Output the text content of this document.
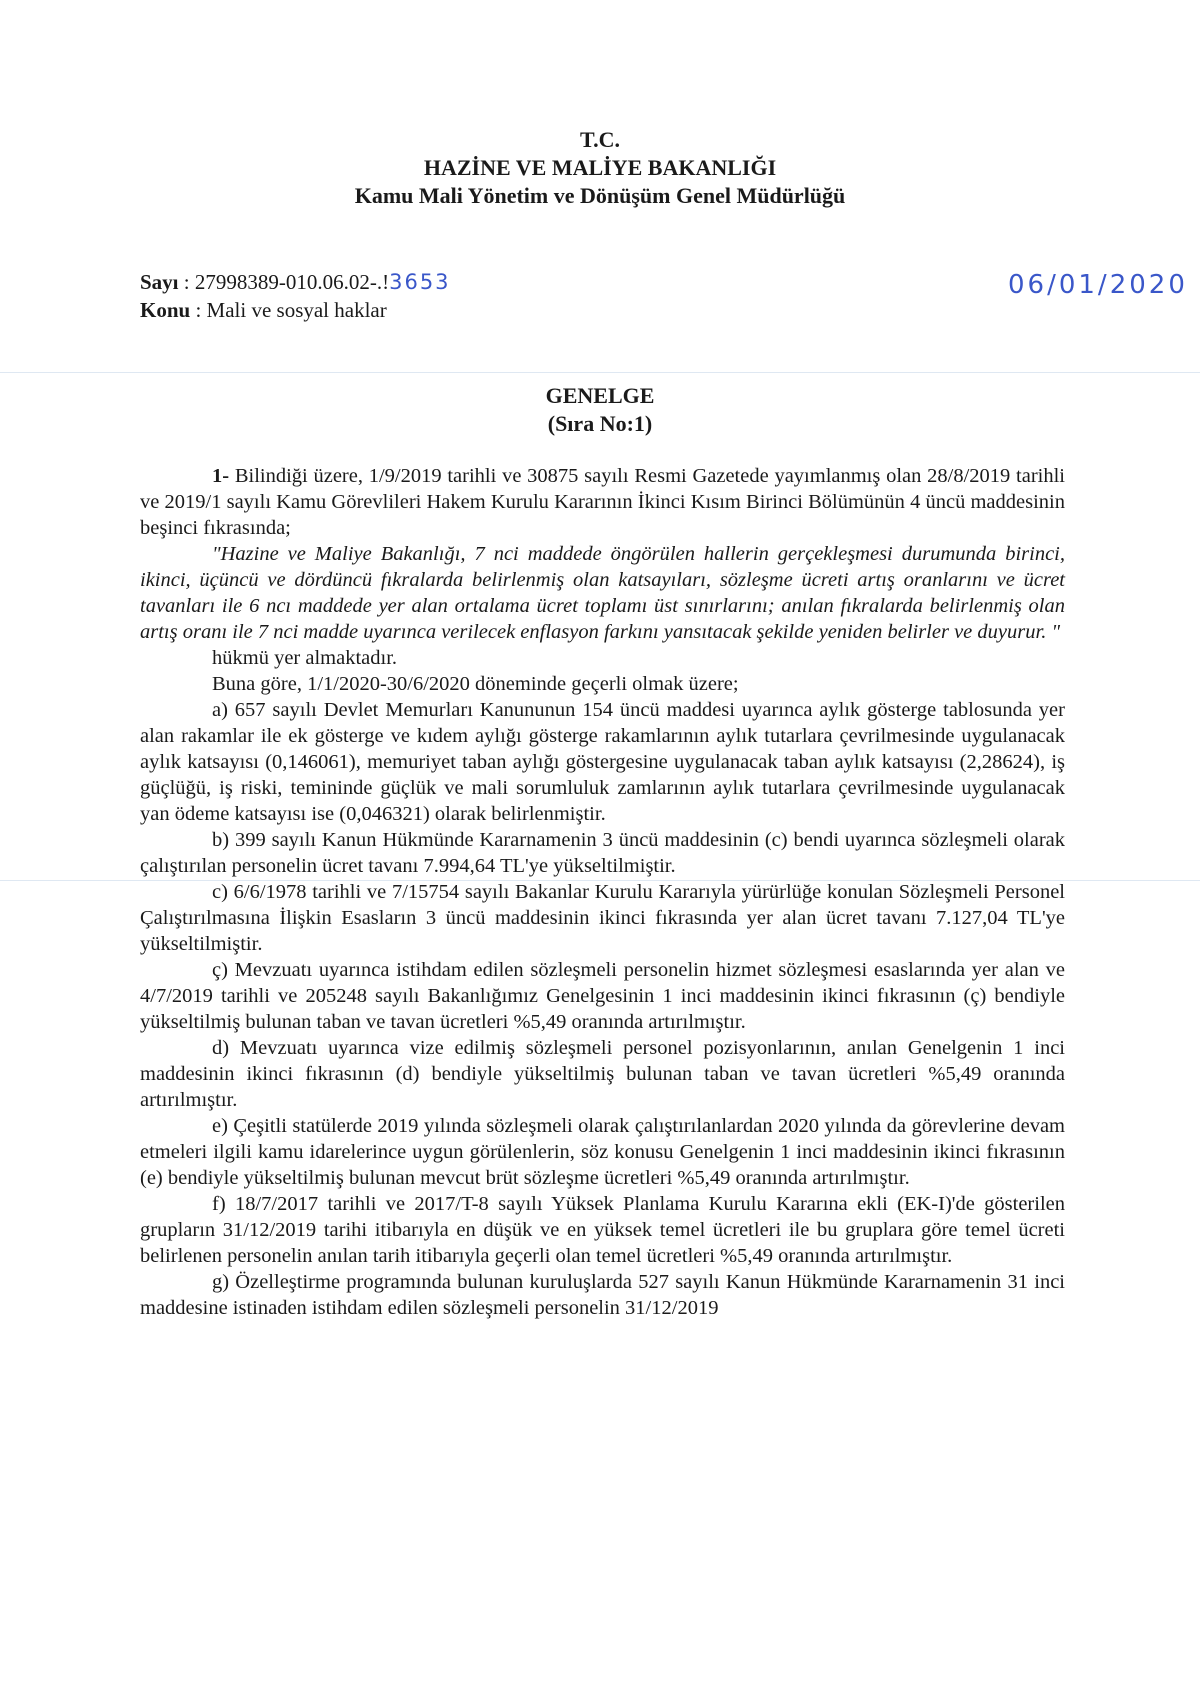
T.C.
HAZİNE VE MALİYE BAKANLIĞI
Kamu Mali Yönetim ve Dönüşüm Genel Müdürlüğü
Sayı : 27998389-010.06.02-.!3653
Konu : Mali ve sosyal haklar
06/01/2020
GENELGE
(Sıra No:1)

1- Bilindiği üzere, 1/9/2019 tarihli ve 30875 sayılı Resmi Gazetede yayımlanmış olan 28/8/2019 tarihli ve 2019/1 sayılı Kamu Görevlileri Hakem Kurulu Kararının İkinci Kısım Birinci Bölümünün 4 üncü maddesinin beşinci fıkrasında;

"Hazine ve Maliye Bakanlığı, 7 nci maddede öngörülen hallerin gerçekleşmesi durumunda birinci, ikinci, üçüncü ve dördüncü fıkralarda belirlenmiş olan katsayıları, sözleşme ücreti artış oranlarını ve ücret tavanları ile 6 ncı maddede yer alan ortalama ücret toplamı üst sınırlarını; anılan fıkralarda belirlenmiş olan artış oranı ile 7 nci madde uyarınca verilecek enflasyon farkını yansıtacak şekilde yeniden belirler ve duyurur. "

hükmü yer almaktadır.

Buna göre, 1/1/2020-30/6/2020 döneminde geçerli olmak üzere;

a) 657 sayılı Devlet Memurları Kanununun 154 üncü maddesi uyarınca aylık gösterge tablosunda yer alan rakamlar ile ek gösterge ve kıdem aylığı gösterge rakamlarının aylık tutarlara çevrilmesinde uygulanacak aylık katsayısı (0,146061), memuriyet taban aylığı göstergesine uygulanacak taban aylık katsayısı (2,28624), iş güçlüğü, iş riski, temininde güçlük ve mali sorumluluk zamlarının aylık tutarlara çevrilmesinde uygulanacak yan ödeme katsayısı ise (0,046321) olarak belirlenmiştir.

b) 399 sayılı Kanun Hükmünde Kararnamenin 3 üncü maddesinin (c) bendi uyarınca sözleşmeli olarak çalıştırılan personelin ücret tavanı 7.994,64 TL'ye yükseltilmiştir.

c) 6/6/1978 tarihli ve 7/15754 sayılı Bakanlar Kurulu Kararıyla yürürlüğe konulan Sözleşmeli Personel Çalıştırılmasına İlişkin Esasların 3 üncü maddesinin ikinci fıkrasında yer alan ücret tavanı 7.127,04 TL'ye yükseltilmiştir.

ç) Mevzuatı uyarınca istihdam edilen sözleşmeli personelin hizmet sözleşmesi esaslarında yer alan ve 4/7/2019 tarihli ve 205248 sayılı Bakanlığımız Genelgesinin 1 inci maddesinin ikinci fıkrasının (ç) bendiyle yükseltilmiş bulunan taban ve tavan ücretleri %5,49 oranında artırılmıştır.

d) Mevzuatı uyarınca vize edilmiş sözleşmeli personel pozisyonlarının, anılan Genelgenin 1 inci maddesinin ikinci fıkrasının (d) bendiyle yükseltilmiş bulunan taban ve tavan ücretleri %5,49 oranında artırılmıştır.

e) Çeşitli statülerde 2019 yılında sözleşmeli olarak çalıştırılanlardan 2020 yılında da görevlerine devam etmeleri ilgili kamu idarelerince uygun görülenlerin, söz konusu Genelgenin 1 inci maddesinin ikinci fıkrasının (e) bendiyle yükseltilmiş bulunan mevcut brüt sözleşme ücretleri %5,49 oranında artırılmıştır.

f) 18/7/2017 tarihli ve 2017/T-8 sayılı Yüksek Planlama Kurulu Kararına ekli (EK-I)'de gösterilen grupların 31/12/2019 tarihi itibarıyla en düşük ve en yüksek temel ücretleri ile bu gruplara göre temel ücreti belirlenen personelin anılan tarih itibarıyla geçerli olan temel ücretleri %5,49 oranında artırılmıştır.

g) Özelleştirme programında bulunan kuruluşlarda 527 sayılı Kanun Hükmünde Kararnamenin 31 inci maddesine istinaden istihdam edilen sözleşmeli personelin 31/12/2019
